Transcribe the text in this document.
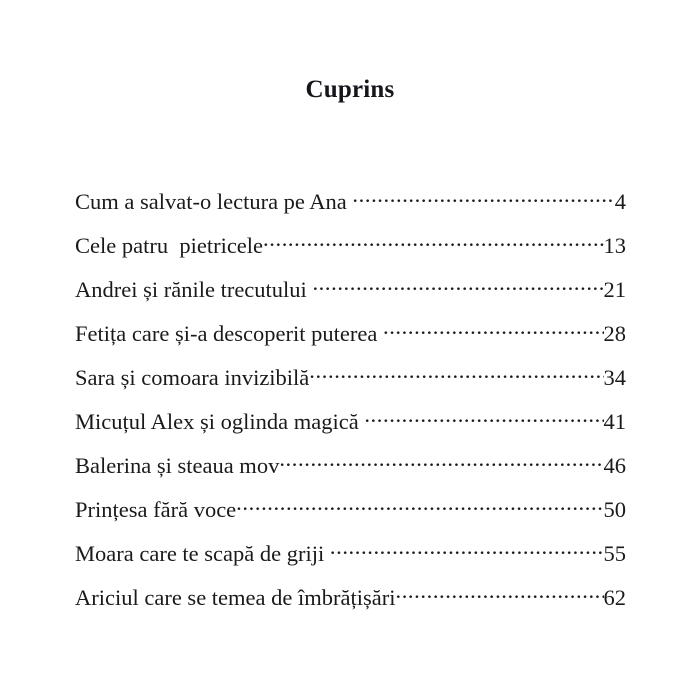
Cuprins
Cum a salvat-o lectura pe Ana .....	4
Cele patru  pietricele .....	13
Andrei și rănile trecutului .....	21
Fetița care și-a descoperit puterea .....	28
Sara și comoara invizibilă .....	34
Micuțul Alex și oglinda magică .....	41
Balerina și steaua mov .....	46
Prințesa fără voce .....	50
Moara care te scapă de griji .....	55
Ariciul care se temea de îmbrățișări .....	62
